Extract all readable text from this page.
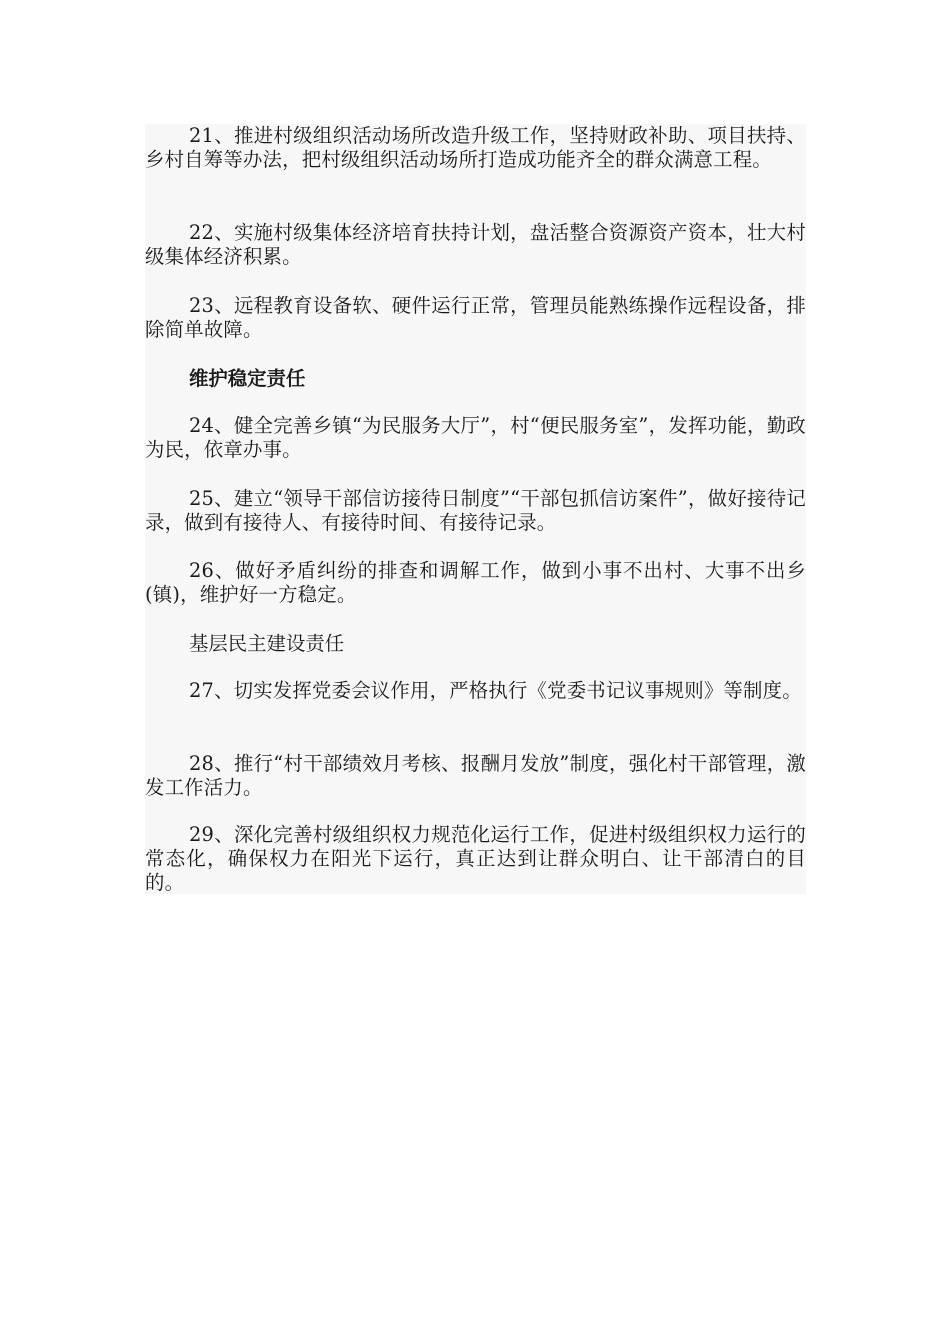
21、推进村级组织活动场所改造升级工作，坚持财政补助、项目扶持、乡村自筹等办法，把村级组织活动场所打造成功能齐全的群众满意工程。

22、实施村级集体经济培育扶持计划，盘活整合资源资产资本，壮大村级集体经济积累。

23、远程教育设备软、硬件运行正常，管理员能熟练操作远程设备，排除简单故障。

维护稳定责任

24、健全完善乡镇“为民服务大厅”，村“便民服务室”，发挥功能，勤政为民，依章办事。

25、建立“领导干部信访接待日制度”“干部包抓信访案件”，做好接待记录，做到有接待人、有接待时间、有接待记录。

26、做好矛盾纠纷的排查和调解工作，做到小事不出村、大事不出乡(镇)，维护好一方稳定。

基层民主建设责任

27、切实发挥党委会议作用，严格执行《党委书记议事规则》等制度。

28、推行“村干部绩效月考核、报酬月发放”制度，强化村干部管理，激发工作活力。

29、深化完善村级组织权力规范化运行工作，促进村级组织权力运行的常态化，确保权力在阳光下运行，真正达到让群众明白、让干部清白的目的。
